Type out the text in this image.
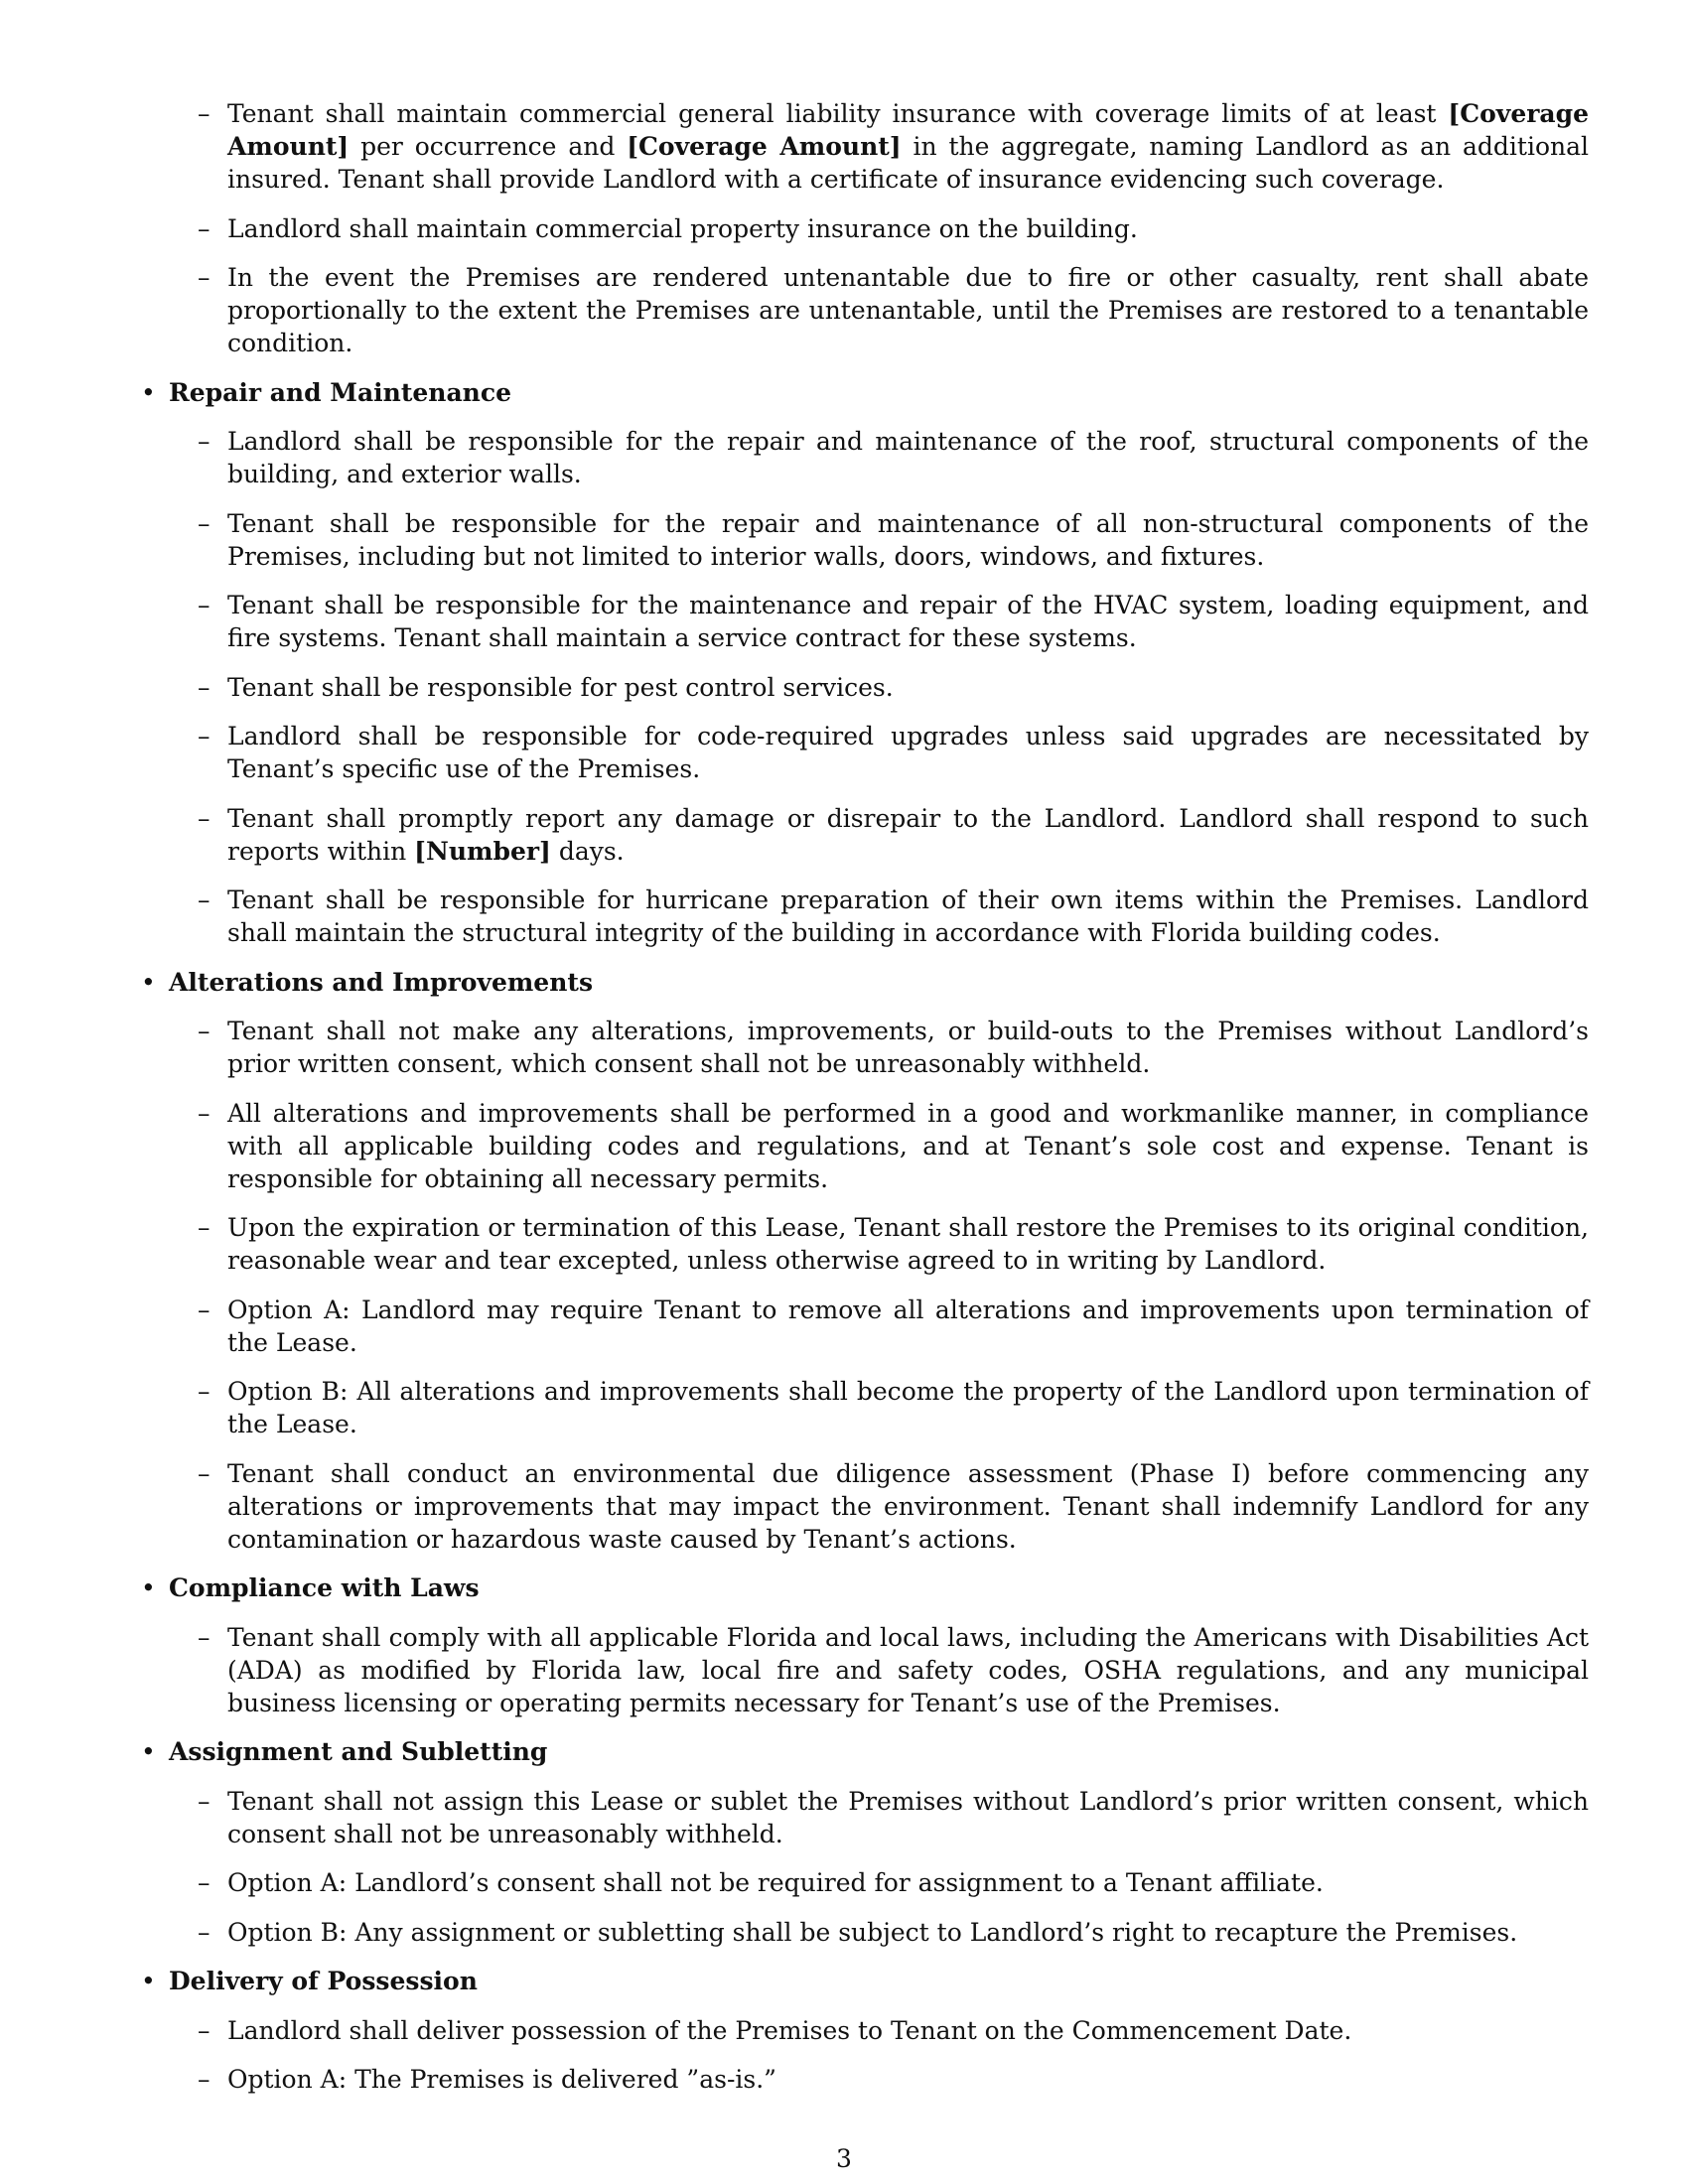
– Tenant shall maintain commercial general liability insurance with coverage limits of at least [Coverage Amount] per occurrence and [Coverage Amount] in the aggregate, naming Landlord as an additional insured. Tenant shall provide Landlord with a certificate of insurance evidencing such coverage.
– Landlord shall maintain commercial property insurance on the building.
– In the event the Premises are rendered untenantable due to fire or other casualty, rent shall abate proportionally to the extent the Premises are untenantable, until the Premises are restored to a tenantable condition.
• Repair and Maintenance
– Landlord shall be responsible for the repair and maintenance of the roof, structural components of the building, and exterior walls.
– Tenant shall be responsible for the repair and maintenance of all non-structural components of the Premises, including but not limited to interior walls, doors, windows, and fixtures.
– Tenant shall be responsible for the maintenance and repair of the HVAC system, loading equipment, and fire systems. Tenant shall maintain a service contract for these systems.
– Tenant shall be responsible for pest control services.
– Landlord shall be responsible for code-required upgrades unless said upgrades are necessitated by Tenant’s specific use of the Premises.
– Tenant shall promptly report any damage or disrepair to the Landlord. Landlord shall respond to such reports within [Number] days.
– Tenant shall be responsible for hurricane preparation of their own items within the Premises. Landlord shall maintain the structural integrity of the building in accordance with Florida building codes.
• Alterations and Improvements
– Tenant shall not make any alterations, improvements, or build-outs to the Premises without Landlord’s prior written consent, which consent shall not be unreasonably withheld.
– All alterations and improvements shall be performed in a good and workmanlike manner, in compliance with all applicable building codes and regulations, and at Tenant’s sole cost and expense. Tenant is responsible for obtaining all necessary permits.
– Upon the expiration or termination of this Lease, Tenant shall restore the Premises to its original condition, reasonable wear and tear excepted, unless otherwise agreed to in writing by Landlord.
– Option A: Landlord may require Tenant to remove all alterations and improvements upon termination of the Lease.
– Option B: All alterations and improvements shall become the property of the Landlord upon termination of the Lease.
– Tenant shall conduct an environmental due diligence assessment (Phase I) before commencing any alterations or improvements that may impact the environment. Tenant shall indemnify Landlord for any contamination or hazardous waste caused by Tenant’s actions.
• Compliance with Laws
– Tenant shall comply with all applicable Florida and local laws, including the Americans with Disabilities Act (ADA) as modified by Florida law, local fire and safety codes, OSHA regulations, and any municipal business licensing or operating permits necessary for Tenant’s use of the Premises.
• Assignment and Subletting
– Tenant shall not assign this Lease or sublet the Premises without Landlord’s prior written consent, which consent shall not be unreasonably withheld.
– Option A: Landlord’s consent shall not be required for assignment to a Tenant affiliate.
– Option B: Any assignment or subletting shall be subject to Landlord’s right to recapture the Premises.
• Delivery of Possession
– Landlord shall deliver possession of the Premises to Tenant on the Commencement Date.
– Option A: The Premises is delivered ”as-is.”
3
